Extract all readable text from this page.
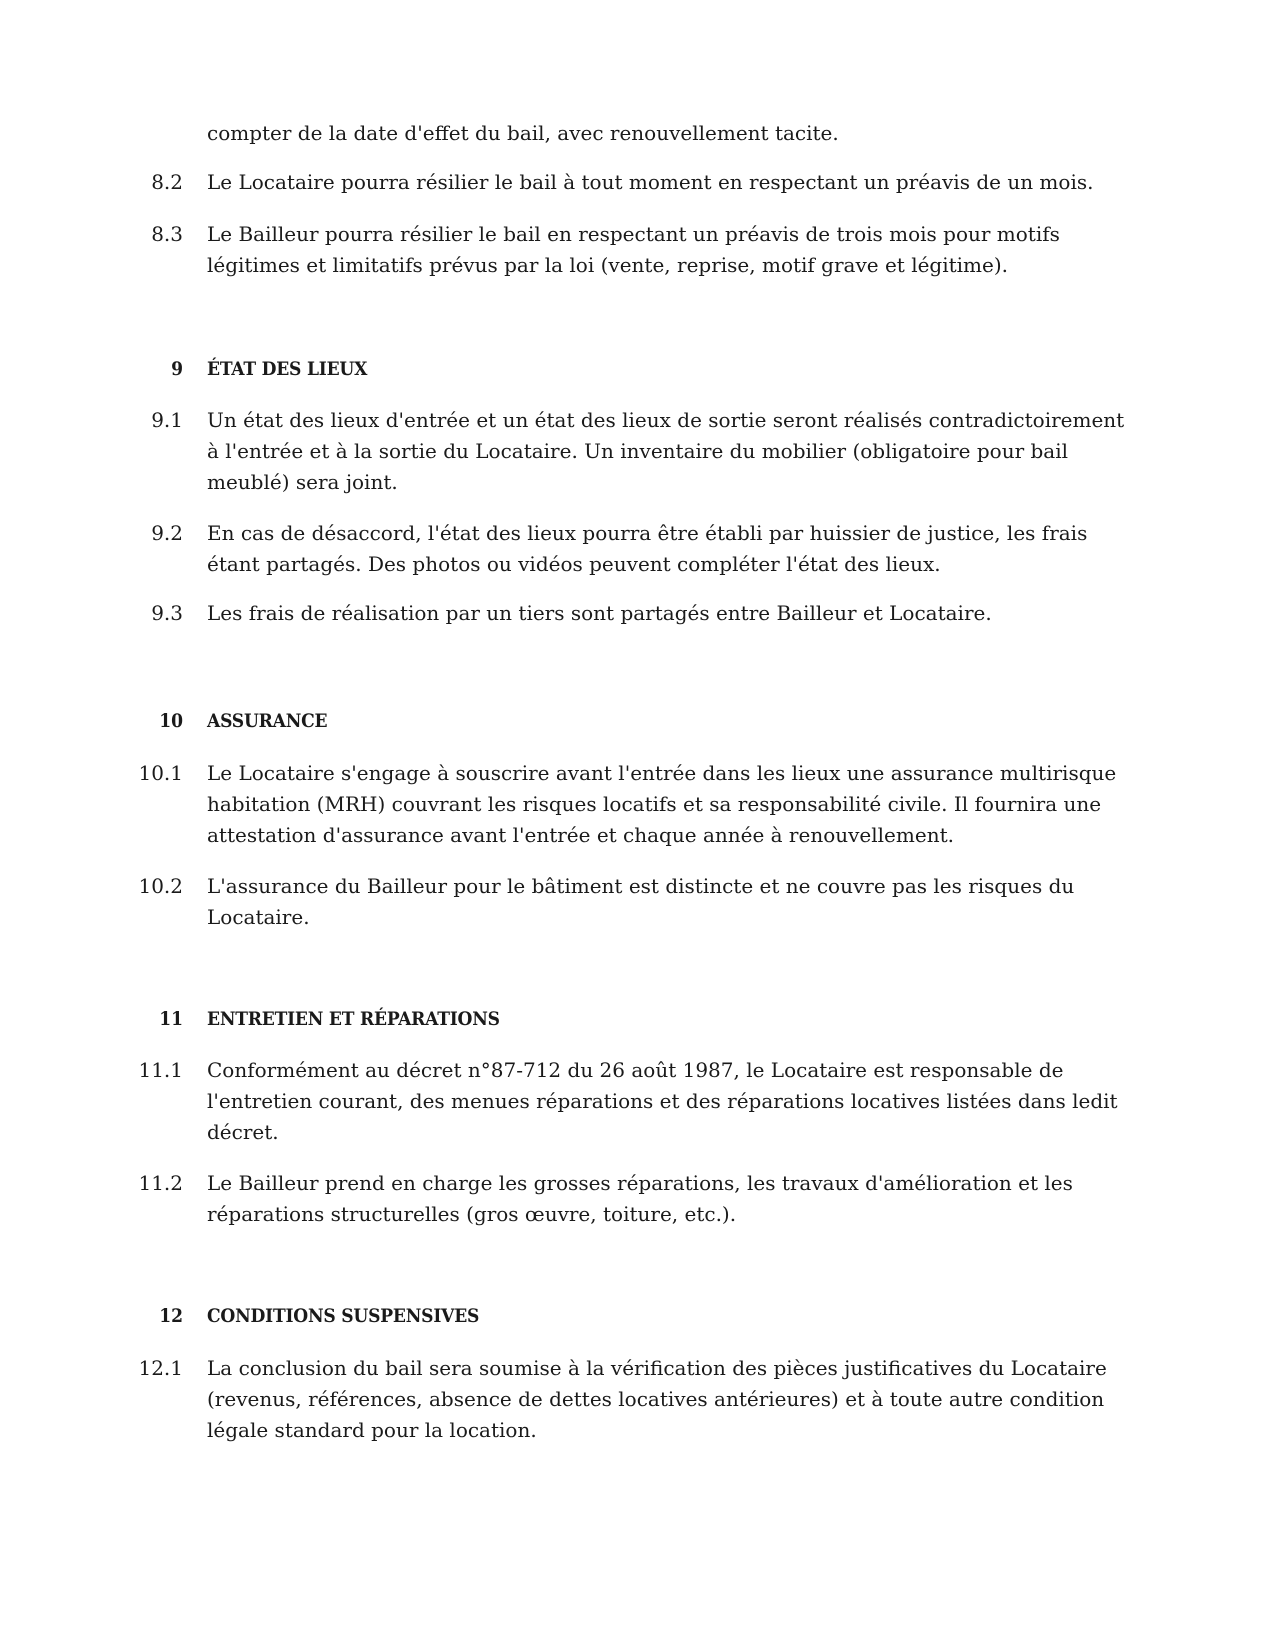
compter de la date d'effet du bail, avec renouvellement tacite.
8.2 Le Locataire pourra résilier le bail à tout moment en respectant un préavis de un mois.
8.3 Le Bailleur pourra résilier le bail en respectant un préavis de trois mois pour motifs légitimes et limitatifs prévus par la loi (vente, reprise, motif grave et légitime).
9 ÉTAT DES LIEUX
9.1 Un état des lieux d'entrée et un état des lieux de sortie seront réalisés contradictoirement à l'entrée et à la sortie du Locataire. Un inventaire du mobilier (obligatoire pour bail meublé) sera joint.
9.2 En cas de désaccord, l'état des lieux pourra être établi par huissier de justice, les frais étant partagés. Des photos ou vidéos peuvent compléter l'état des lieux.
9.3 Les frais de réalisation par un tiers sont partagés entre Bailleur et Locataire.
10 ASSURANCE
10.1 Le Locataire s'engage à souscrire avant l'entrée dans les lieux une assurance multirisque habitation (MRH) couvrant les risques locatifs et sa responsabilité civile. Il fournira une attestation d'assurance avant l'entrée et chaque année à renouvellement.
10.2 L'assurance du Bailleur pour le bâtiment est distincte et ne couvre pas les risques du Locataire.
11 ENTRETIEN ET RÉPARATIONS
11.1 Conformément au décret n°87-712 du 26 août 1987, le Locataire est responsable de l'entretien courant, des menues réparations et des réparations locatives listées dans ledit décret.
11.2 Le Bailleur prend en charge les grosses réparations, les travaux d'amélioration et les réparations structurelles (gros œuvre, toiture, etc.).
12 CONDITIONS SUSPENSIVES
12.1 La conclusion du bail sera soumise à la vérification des pièces justificatives du Locataire (revenus, références, absence de dettes locatives antérieures) et à toute autre condition légale standard pour la location.
